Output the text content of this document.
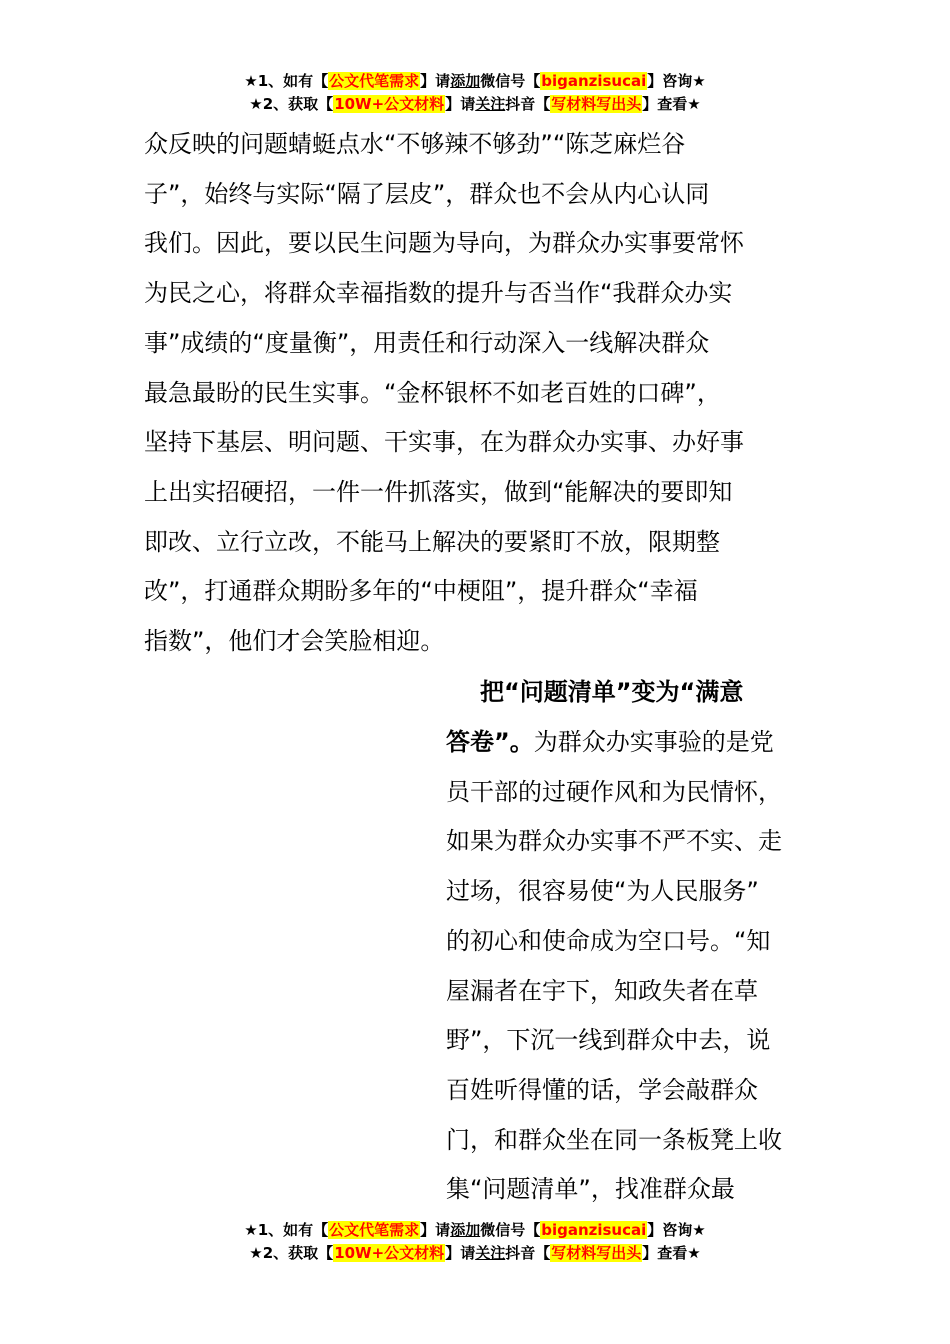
★1、如有【公文代笔需求】请添加微信号【biganzisucai】咨询★
★2、获取【10W+公文材料】请关注抖音【写材料写出头】查看★
众反映的问题蜻蜓点水“不够辣不够劲”“陈芝麻烂谷
子”，始终与实际“隔了层皮”，群众也不会从内心认同
我们。因此，要以民生问题为导向，为群众办实事要常怀
为民之心，将群众幸福指数的提升与否当作“我群众办实
事”成绩的“度量衡”，用责任和行动深入一线解决群众
最急最盼的民生实事。“金杯银杯不如老百姓的口碑”，
坚持下基层、明问题、干实事，在为群众办实事、办好事
上出实招硬招，一件一件抓落实，做到“能解决的要即知
即改、立行立改，不能马上解决的要紧盯不放，限期整
改”，打通群众期盼多年的“中梗阻”，提升群众“幸福
指数”，他们才会笑脸相迎。
把“问题清单”变为“满意
答卷”。为群众办实事验的是党
员干部的过硬作风和为民情怀，
如果为群众办实事不严不实、走
过场，很容易使“为人民服务”
的初心和使命成为空口号。“知
屋漏者在宇下，知政失者在草
野”，下沉一线到群众中去，说
百姓听得懂的话，学会敲群众
门，和群众坐在同一条板凳上收
集“问题清单”，找准群众最
★1、如有【公文代笔需求】请添加微信号【biganzisucai】咨询★
★2、获取【10W+公文材料】请关注抖音【写材料写出头】查看★
